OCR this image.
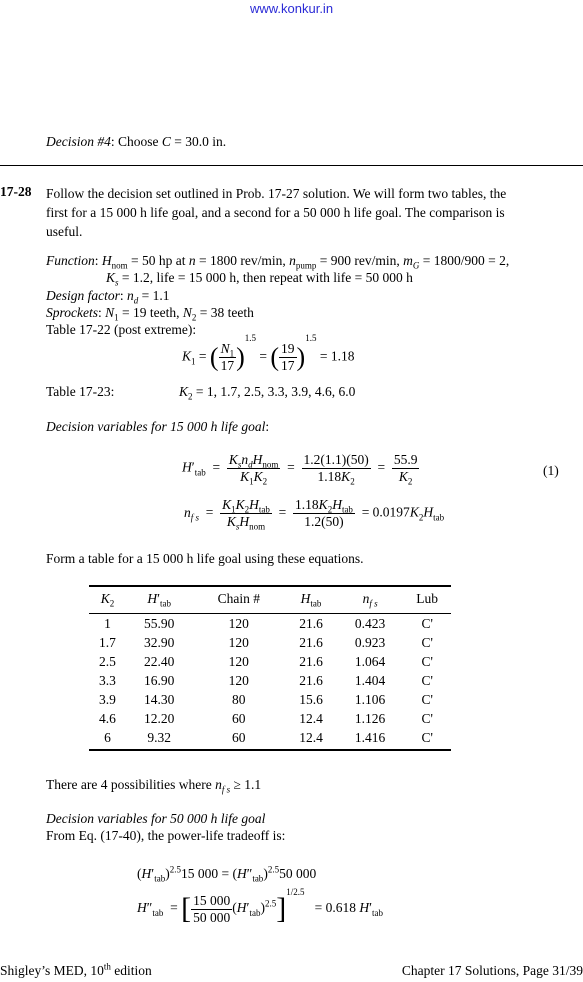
www.konkur.in
Decision #4: Choose C = 30.0 in.
17-28 Follow the decision set outlined in Prob. 17-27 solution. We will form two tables, the
first for a 15 000 h life goal, and a second for a 50 000 h life goal. The comparison is
useful.
Function: $H_{nom} = 50$ hp at n = 1800 rev/min, $n_{pump} = 900$ rev/min, $m_G = 1800/900 = 2$,
$K_s = 1.2$, life = 15 000 h, then repeat with life = 50 000 h
Design factor: $n_d = 1.1$
Sprockets: $N_1 = 19$ teeth, $N_2 = 38$ teeth
Table 17-22 (post extreme):
$K_1$ = ( $\frac{N_1}{17} )^{1.5}$ = ( $\frac{19}{17} )^{1.5} = 1.18$
Table 17-23:	$K_2 = 1$, 1.7, 2.5, 3.3, 3.9, 4.6, 6.0
Decision variables for 15 000 h life goal:
$H'_{tab} = \frac{K_sn_dH_{nom}}{K_1K_2} = \frac{1.2(1.1)(50)}{1.18K_2} = \frac{55.9}{K_2}$	(1)
$n_{f s} = \frac{K_1K_2H_{tab}}{K_sH_{nom}} = \frac{1.18K_2H_{tab}}{1.2(50)} = 0.0197K_2H_{tab}$
Form a table for a 15 000 h life goal using these equations.
$K_2$	$H'_{tab}$	Chain #	$H_{tab}$	$n_{f s}$	Lub
1	55.90	120	21.6	0.423	C'
1.7	32.90	120	21.6	0.923	C'
2.5	22.40	120	21.6	1.064	C'
3.3	16.90	120	21.6	1.404	C'
3.9	14.30	80	15.6	1.106	C'
4.6	12.20	60	12.4	1.126	C'
6	9.32	60	12.4	1.416	C'
There are 4 possibilities where $n_{f s} \ge 1.1$
Decision variables for 50 000 h life goal
From Eq. (17-40), the power-life tradeoff is:
$(H'_{tab})^{2.5}15$ $000 = (H''_{tab})^{2.5}50$ 000
$H''_{tab}$  = [ $\frac{15 000}{50 000} (H'_{tab})^{2.5}]^{1/2.5} = 0.618$ $H'_{tab}$
Shigley’s MED, 10th edition	Chapter 17 Solutions, Page 31/39
